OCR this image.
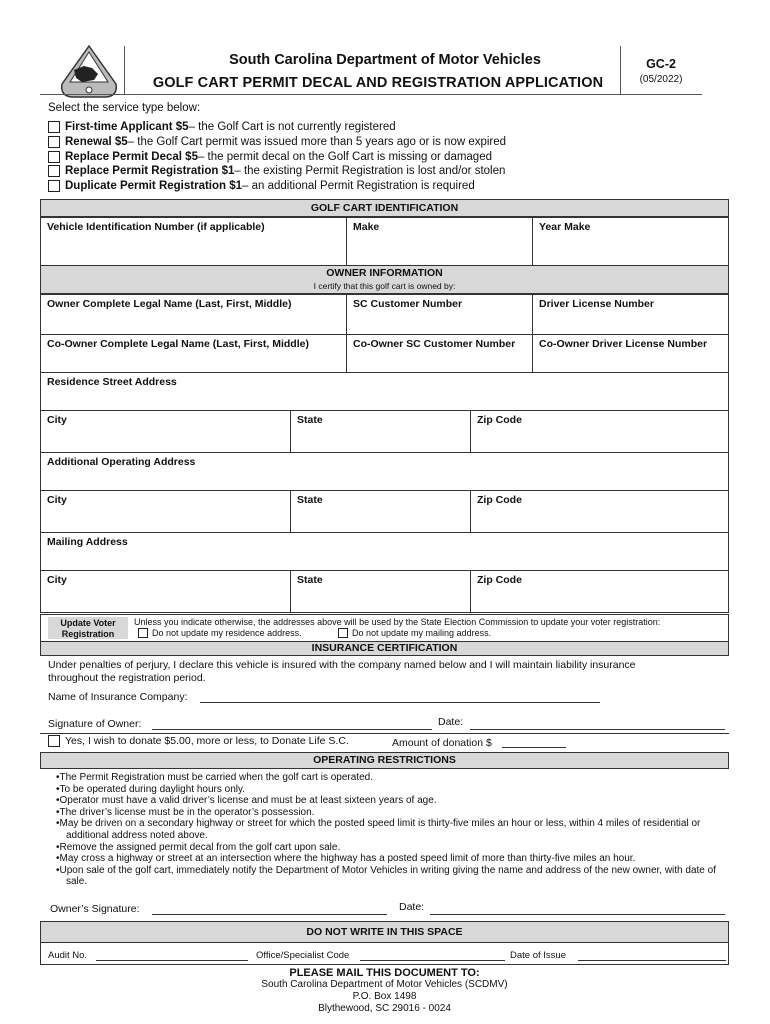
South Carolina Department of Motor Vehicles
GOLF CART PERMIT DECAL AND REGISTRATION APPLICATION
GC-2
(05/2022)
Select the service type below:
First-time Applicant $5 – the Golf Cart is not currently registered
Renewal $5 – the Golf Cart permit was issued more than 5 years ago or is now expired
Replace Permit Decal $5 – the permit decal on the Golf Cart is missing or damaged
Replace Permit Registration $1 – the existing Permit Registration is lost and/or stolen
Duplicate Permit Registration $1 – an additional Permit Registration is required
GOLF CART IDENTIFICATION
Vehicle Identification Number (if applicable)	Make	Year Make
OWNER INFORMATION
I certify that this golf cart is owned by:
Owner Complete Legal Name (Last, First, Middle)	SC Customer Number	Driver License Number
Co-Owner Complete Legal Name (Last, First, Middle)	Co-Owner SC Customer Number	Co-Owner Driver License Number
Residence Street Address		
City	State	Zip Code
Additional Operating Address		
City	State	Zip Code
Mailing Address		
City	State	Zip Code
Update Voter
Registration
Unless you indicate otherwise, the addresses above will be used by the State Election Commission to update your voter registration:
Do not update my residence address.	Do not update my mailing address.
INSURANCE CERTIFICATION
Under penalties of perjury, I declare this vehicle is insured with the company named below and I will maintain liability insurance
throughout the registration period.
Name of Insurance Company:
Signature of Owner:	Date:
Yes, I wish to donate $5.00, more or less, to Donate Life S.C.	Amount of donation $
OPERATING RESTRICTIONS
• The Permit Registration must be carried when the golf cart is operated.
• To be operated during daylight hours only.
• Operator must have a valid driver’s license and must be at least sixteen years of age.
• The driver’s license must be in the operator’s possession.
• May be driven on a secondary highway or street for which the posted speed limit is thirty-five miles an hour or less, within 4 miles of residential or additional address noted above.
• Remove the assigned permit decal from the golf cart upon sale.
• May cross a highway or street at an intersection where the highway has a posted speed limit of more than thirty-five miles an hour.
• Upon sale of the golf cart, immediately notify the Department of Motor Vehicles in writing giving the name and address of the new owner, with date of sale.
Owner’s Signature:	Date:
DO NOT WRITE IN THIS SPACE
Audit No.	Office/Specialist Code	Date of Issue
PLEASE MAIL THIS DOCUMENT TO:
South Carolina Department of Motor Vehicles (SCDMV)
P.O. Box 1498
Blythewood, SC 29016 - 0024
